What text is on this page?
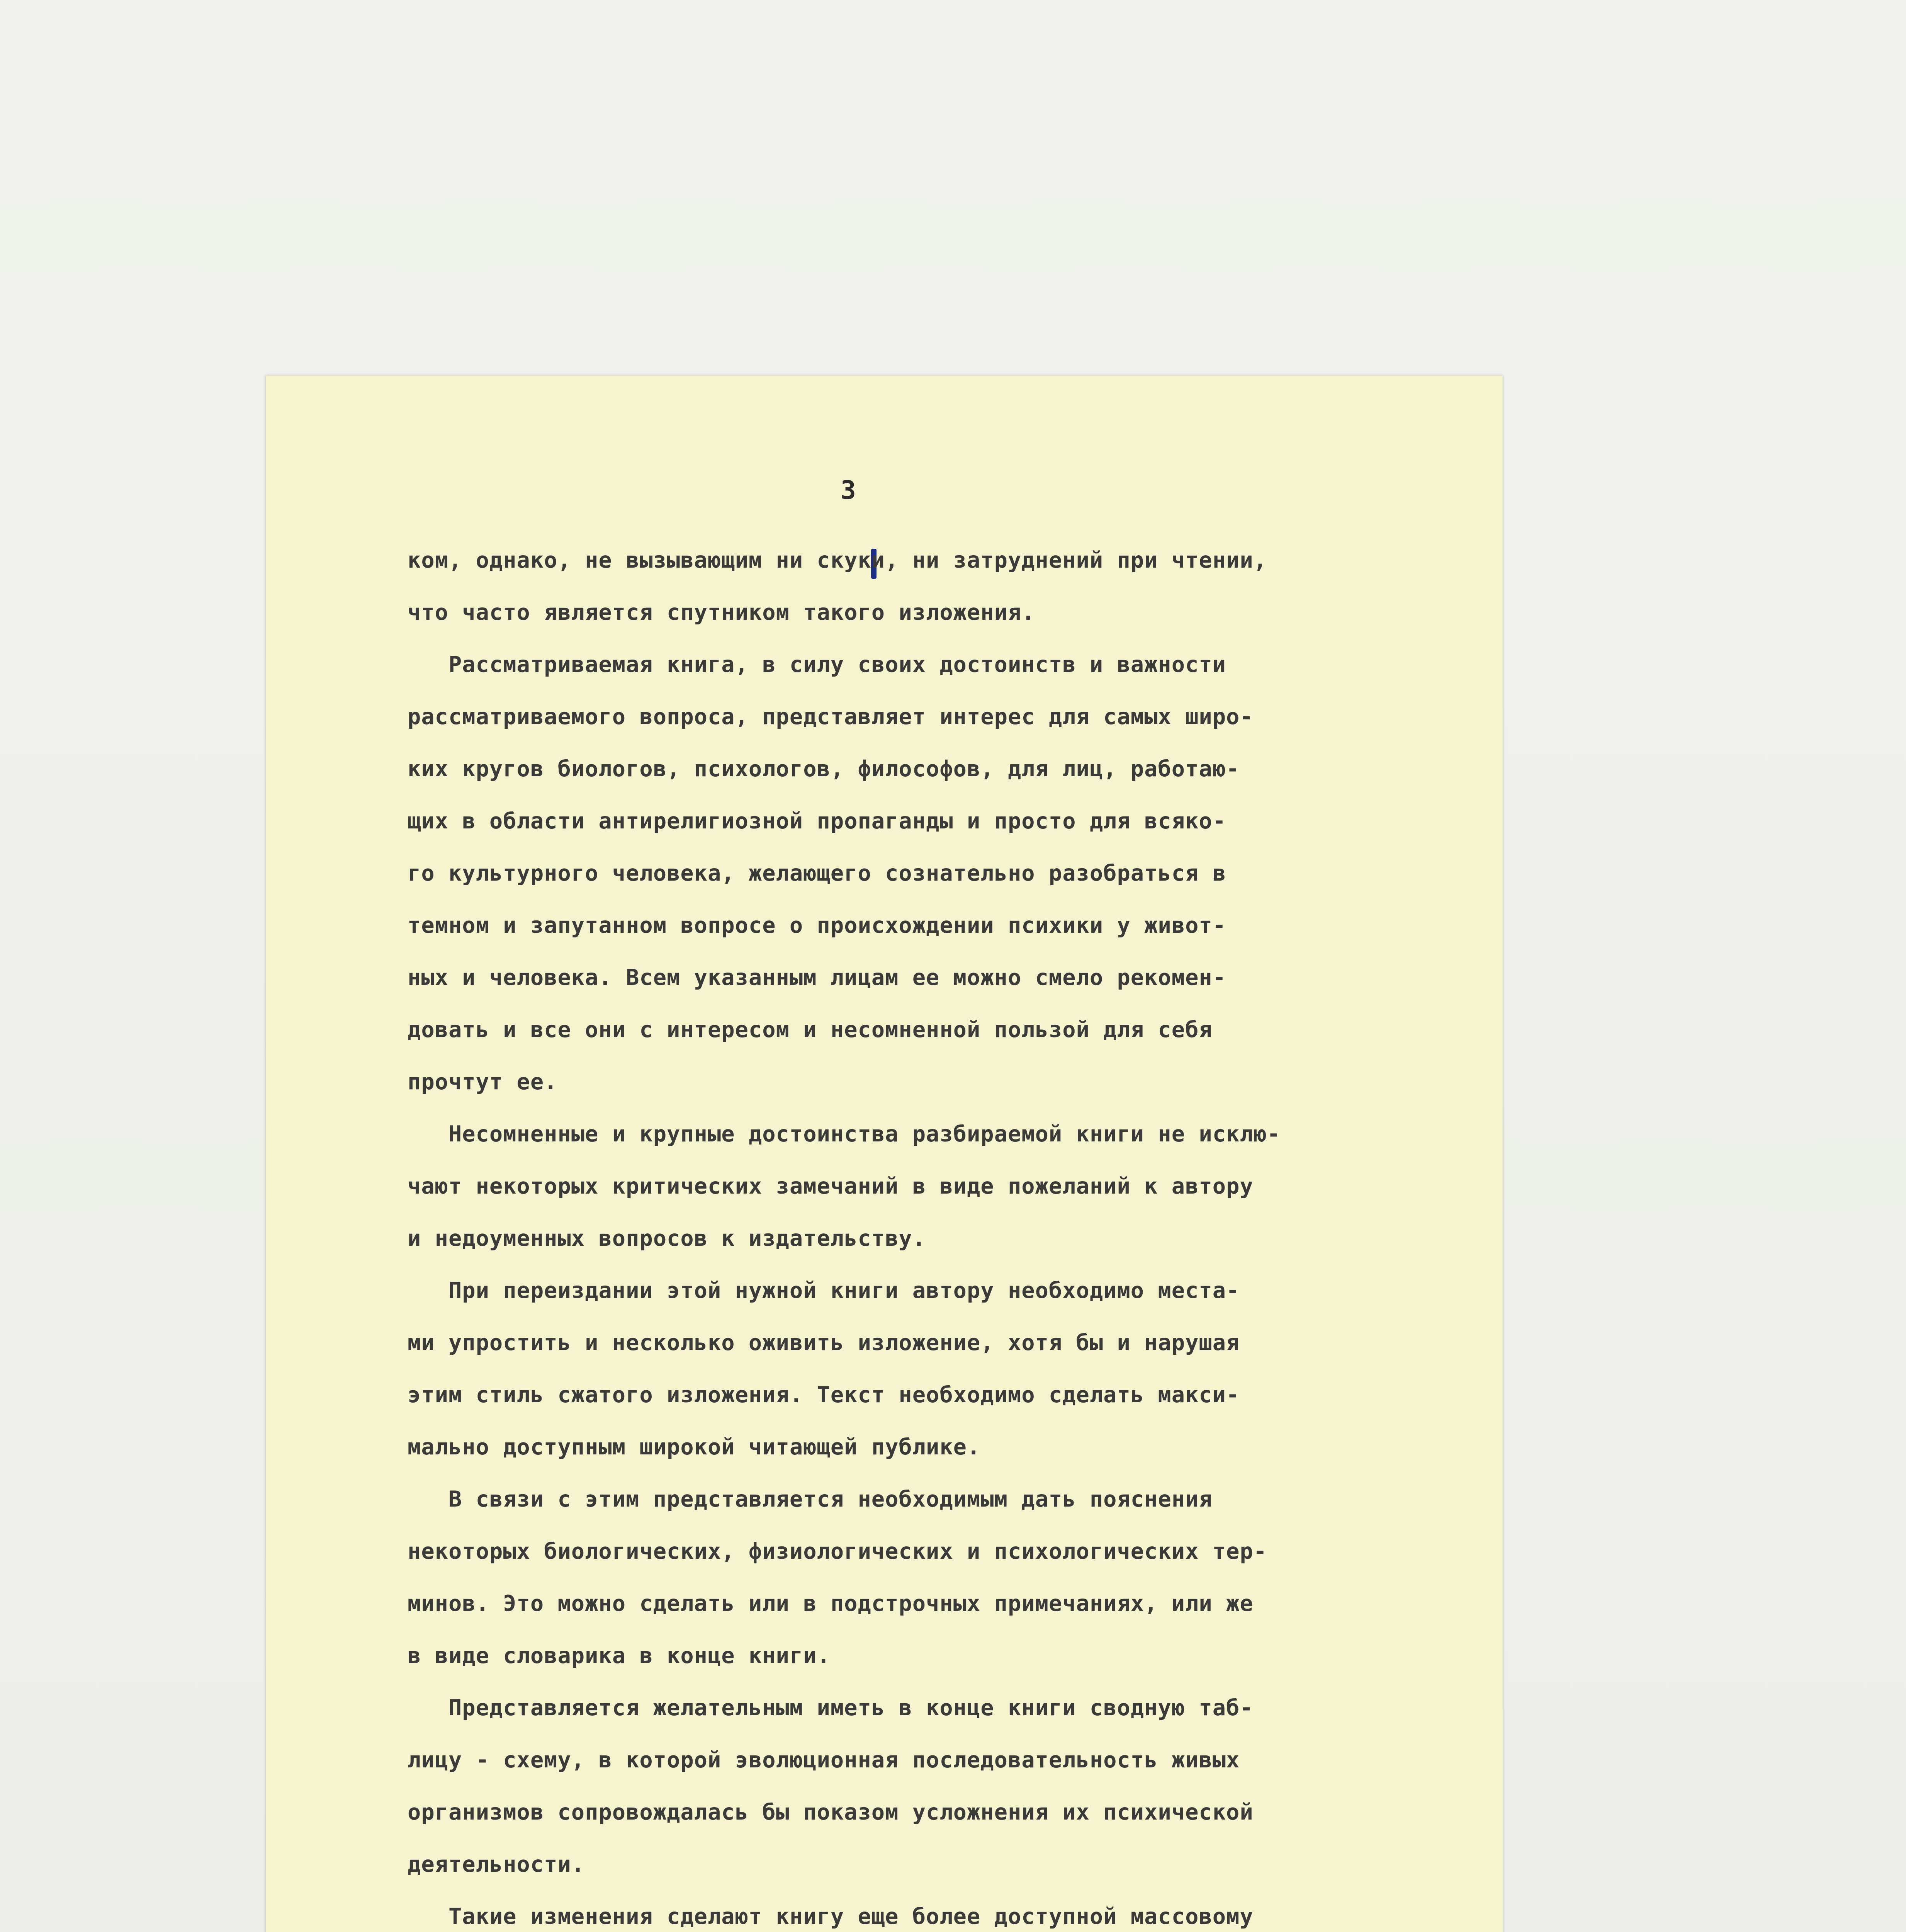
3
ком, однако, не вызывающим ни скуки, ни затруднений при чтении,
что часто является спутником такого изложения.
Рассматриваемая книга, в силу своих достоинств и важности
рассматриваемого вопроса, представляет интерес для самых широ-
ких кругов биологов, психологов, философов, для лиц, работаю-
щих в области антирелигиозной пропаганды и просто для всяко-
го культурного человека, желающего сознательно разобраться в
темном и запутанном вопросе о происхождении психики у живот-
ных и человека. Всем указанным лицам ее можно смело рекомен-
довать и все они с интересом и несомненной пользой для себя
прочтут ее.
Несомненные и крупные достоинства разбираемой книги не исклю-
чают некоторых критических замечаний в виде пожеланий к автору
и недоуменных вопросов к издательству.
При переиздании этой нужной книги автору необходимо места-
ми упростить и несколько оживить изложение, хотя бы и нарушая
этим стиль сжатого изложения. Текст необходимо сделать макси-
мально доступным широкой читающей публике.
В связи с этим представляется необходимым дать пояснения
некоторых биологических, физиологических и психологических тер-
минов. Это можно сделать или в подстрочных примечаниях, или же
в виде словарика в конце книги.
Представляется желательным иметь в конце книги сводную таб-
лицу - схему, в которой эволюционная последовательность живых
организмов сопровождалась бы показом усложнения их психической
деятельности.
Такие изменения сделают книгу еще более доступной массовому
